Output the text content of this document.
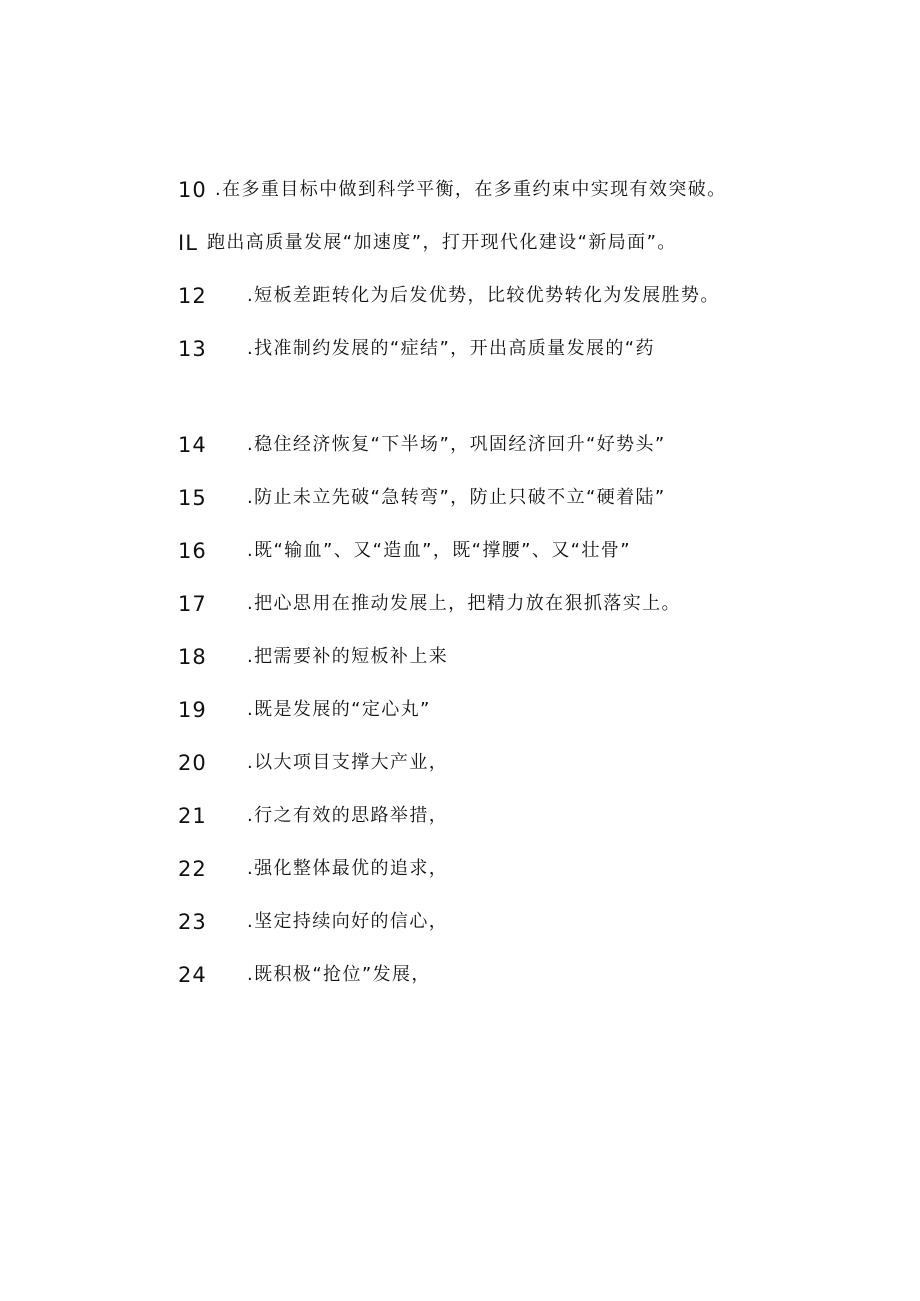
10 .在多重目标中做到科学平衡，在多重约束中实现有效突破。
IL 跑出高质量发展“加速度”，打开现代化建设“新局面”。
12 .短板差距转化为后发优势，比较优势转化为发展胜势。
13 .找准制约发展的“症结”，开出高质量发展的“药
14 .稳住经济恢复“下半场”，巩固经济回升“好势头”
15 .防止未立先破“急转弯”，防止只破不立“硬着陆”
16 .既“输血”、又“造血”，既“撑腰”、又“壮骨”
17 .把心思用在推动发展上，把精力放在狠抓落实上。
18 .把需要补的短板补上来
19 .既是发展的“定心丸”
20 .以大项目支撑大产业，
21 .行之有效的思路举措，
22 .强化整体最优的追求，
23 .坚定持续向好的信心，
24 .既积极“抢位”发展，
